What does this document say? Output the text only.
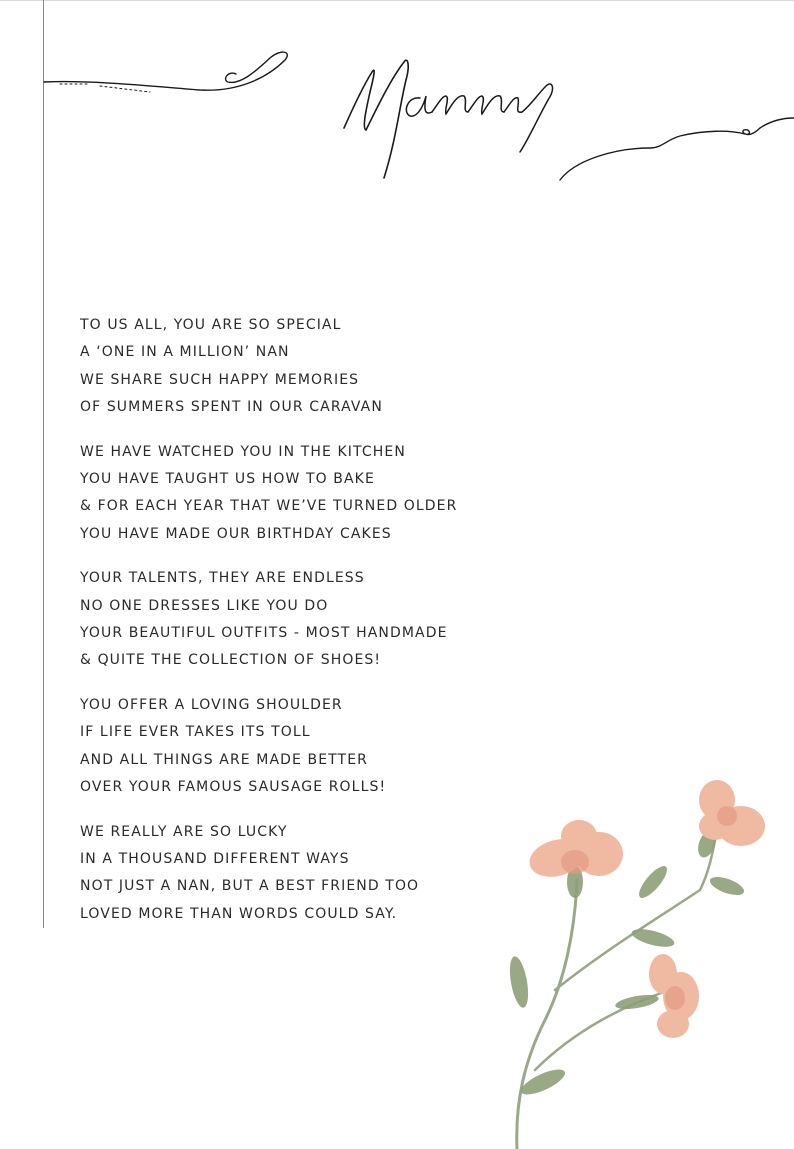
TO US ALL, YOU ARE SO SPECIAL
A ‘ONE IN A MILLION’ NAN
WE SHARE SUCH HAPPY MEMORIES
OF SUMMERS SPENT IN OUR CARAVAN
WE HAVE WATCHED YOU IN THE KITCHEN
YOU HAVE TAUGHT US HOW TO BAKE
& FOR EACH YEAR THAT WE’VE TURNED OLDER
YOU HAVE MADE OUR BIRTHDAY CAKES
YOUR TALENTS, THEY ARE ENDLESS
NO ONE DRESSES LIKE YOU DO
YOUR BEAUTIFUL OUTFITS - MOST HANDMADE
& QUITE THE COLLECTION OF SHOES!
YOU OFFER A LOVING SHOULDER
IF LIFE EVER TAKES ITS TOLL
AND ALL THINGS ARE MADE BETTER
OVER YOUR FAMOUS SAUSAGE ROLLS!
WE REALLY ARE SO LUCKY
IN A THOUSAND DIFFERENT WAYS
NOT JUST A NAN, BUT A BEST FRIEND TOO
LOVED MORE THAN WORDS COULD SAY.
